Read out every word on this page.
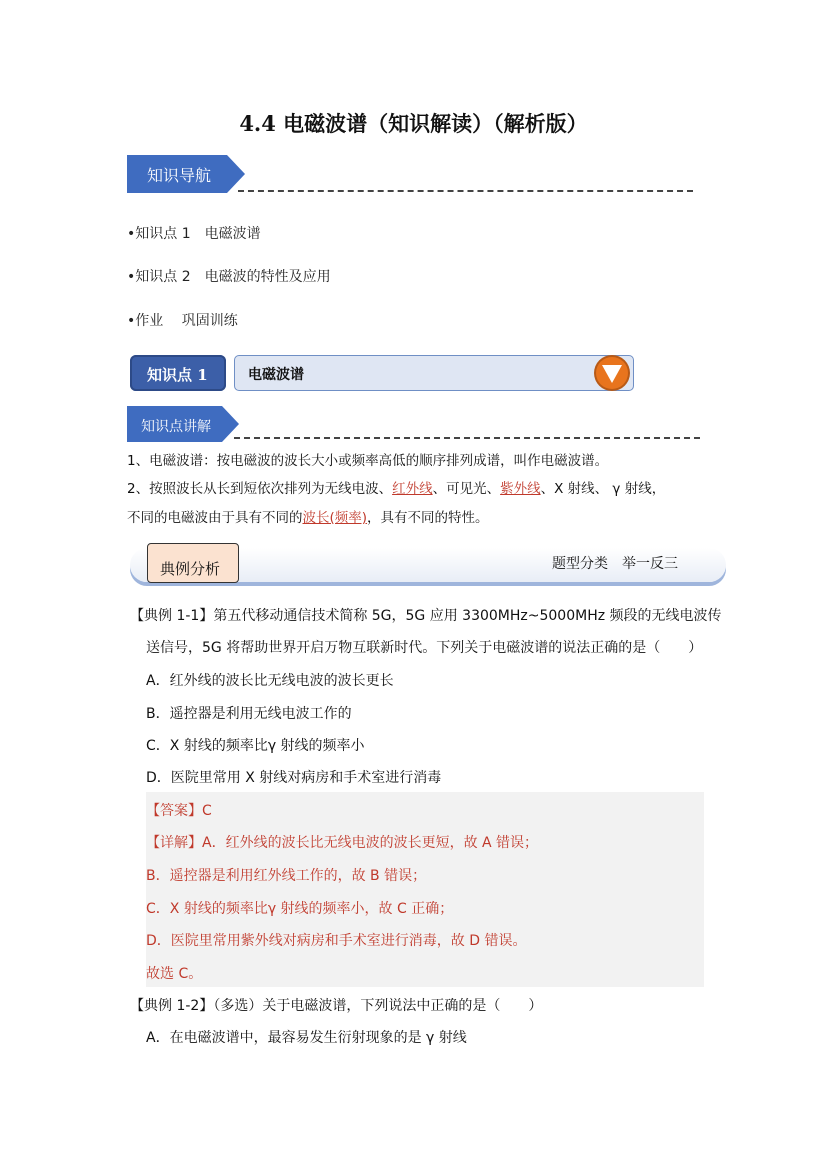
4.4 电磁波谱（知识解读）（解析版）
知识导航
•知识点 1　电磁波谱
•知识点 2　电磁波的特性及应用
•作业　 巩固训练
知识点 1	电磁波谱
知识点讲解
1、电磁波谱：按电磁波的波长大小或频率高低的顺序排列成谱，叫作电磁波谱。
2、按照波长从长到短依次排列为无线电波、红外线、可见光、紫外线、X 射线、 γ 射线，
不同的电磁波由于具有不同的波长(频率)，具有不同的特性。
典例分析	题型分类　举一反三
【典例 1-1】第五代移动通信技术简称 5G，5G 应用 3300MHz~5000MHz 频段的无线电波传
送信号，5G 将帮助世界开启万物互联新时代。下列关于电磁波谱的说法正确的是（　　）
A．红外线的波长比无线电波的波长更长
B．遥控器是利用无线电波工作的
C．X 射线的频率比γ 射线的频率小
D．医院里常用 X 射线对病房和手术室进行消毒
【答案】C
【详解】A．红外线的波长比无线电波的波长更短，故 A 错误；
B．遥控器是利用红外线工作的，故 B 错误；
C．X 射线的频率比γ 射线的频率小，故 C 正确；
D．医院里常用紫外线对病房和手术室进行消毒，故 D 错误。
故选 C。
【典例 1-2】（多选）关于电磁波谱，下列说法中正确的是（　　）
A．在电磁波谱中，最容易发生衍射现象的是 γ 射线
